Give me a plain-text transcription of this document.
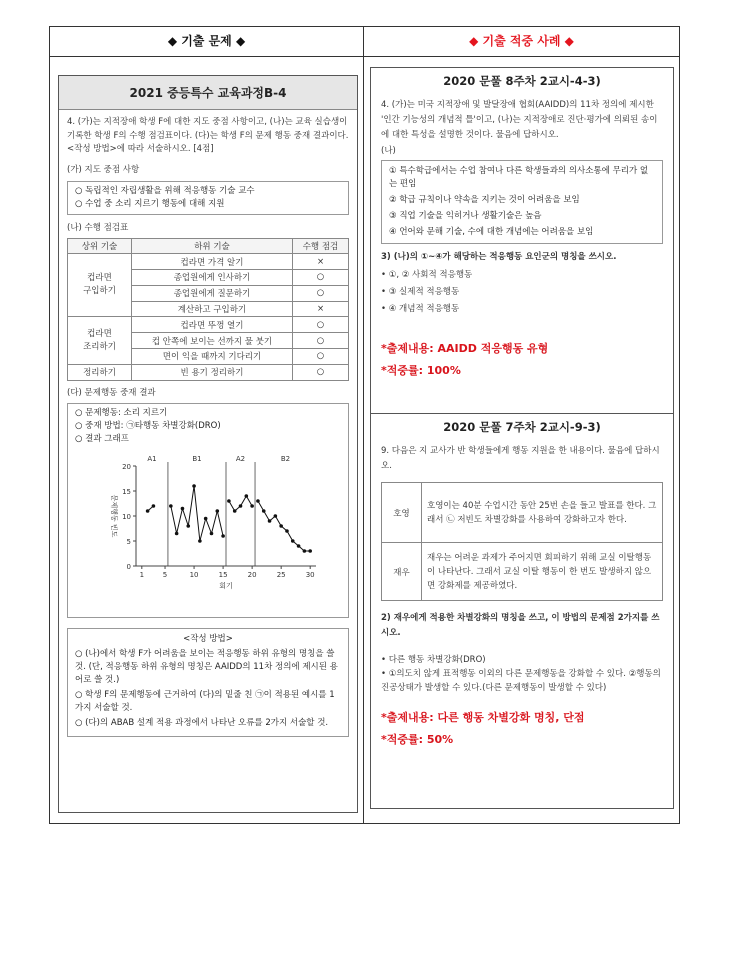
◆ 기출 문제 ◆	◆ 기출 적중 사례 ◆
2021 중등특수 교육과정B-4
4. (가)는 지적장애 학생 F에 대한 지도 중점 사항이고, (나)는 교육 실습생이 기록한 학생 F의 수행 점검표이다. (다)는 학생 F의 문제 행동 중재 결과이다. <작성 방법>에 따라 서술하시오. [4점]
(가) 지도 중점 사항
○ 독립적인 자립생활을 위해 적응행동 기술 교수
○ 수업 중 소리 지르기 행동에 대해 지원
(나) 수행 점검표
상위 기술	하위 기술	수행 점검
컵라면
구입하기	컵라면 가격 알기	×
	종업원에게 인사하기	○
	종업원에게 질문하기	○
	계산하고 구입하기	×
컵라면
조리하기	컵라면 뚜껑 열기	○
	컵 안쪽에 보이는 선까지 물 붓기	○
	면이 익을 때까지 기다리기	○
정리하기	빈 용기 정리하기	○
(다) 문제행동 중재 결과
○ 문제행동: 소리 지르기
○ 중재 방법: ㉠타행동 차별강화(DRO)
○ 결과 그래프
0
5
10
15
20
1	5	10	15	20	25	30
회기
문제행동 빈도
A1	B1	A2	B2
<작성 방법>
○ (나)에서 학생 F가 어려움을 보이는 적응행동 하위 유형의 명칭을 쓸 것. (단, 적응행동 하위 유형의 명칭은 AAIDD의 11차 정의에 제시된 용어로 쓸 것.)
○ 학생 F의 문제행동에 근거하여 (다)의 밑줄 친 ㉠이 적용된 예시를 1가지 서술할 것.
○ (다)의 ABAB 설계 적용 과정에서 나타난 오류를 2가지 서술할 것.
2020 문풀 8주차 2교시-4-3)
4. (가)는 미국 지적장애 및 발달장애 협회(AAIDD)의 11차 정의에 제시한 '인간 기능성의 개념적 틀'이고, (나)는 지적장애로 진단·평가에 의뢰된 송이에 대한 특성을 설명한 것이다. 물음에 답하시오.
(나)
① 특수학급에서는 수업 참여나 다른 학생들과의 의사소통에 무리가 없는 편임
② 학급 규칙이나 약속을 지키는 것이 어려움을 보임
③ 직업 기술을 익히거나 생활기술은 높음
④ 언어와 문해 기술, 수에 대한 개념에는 어려움을 보임
3) (나)의 ①~④가 해당하는 적응행동 요인군의 명칭을 쓰시오.
• ①, ② 사회적 적응행동
• ③ 실제적 적응행동
• ④ 개념적 적응행동
*출제내용: AAIDD 적응행동 유형
*적중률: 100%
2020 문풀 7주차 2교시-9-3)
9. 다음은 지 교사가 반 학생들에게 행동 지원을 한 내용이다. 물음에 답하시오.
호영	호영이는 40분 수업시간 동안 25번 손을 들고 발표를 한다. 그래서 ㉡ 저빈도 차별강화를 사용하여 강화하고자 한다.
재우	재우는 어려운 과제가 주어지면 회피하기 위해 교실 이탈행동이 나타난다. 그래서 교실 이탈 행동이 한 번도 발생하지 않으면 강화제를 제공하였다.
2) 재우에게 적용한 차별강화의 명칭을 쓰고, 이 방법의 문제점 2가지를 쓰시오.
• 다른 행동 차별강화(DRO)
• ①의도치 않게 표적행동 이외의 다른 문제행동을 강화할 수 있다. ②행동의 진공상태가 발생할 수 있다.(다른 문제행동이 발생할 수 있다)
*출제내용: 다른 행동 차별강화 명칭, 단점
*적중률: 50%
